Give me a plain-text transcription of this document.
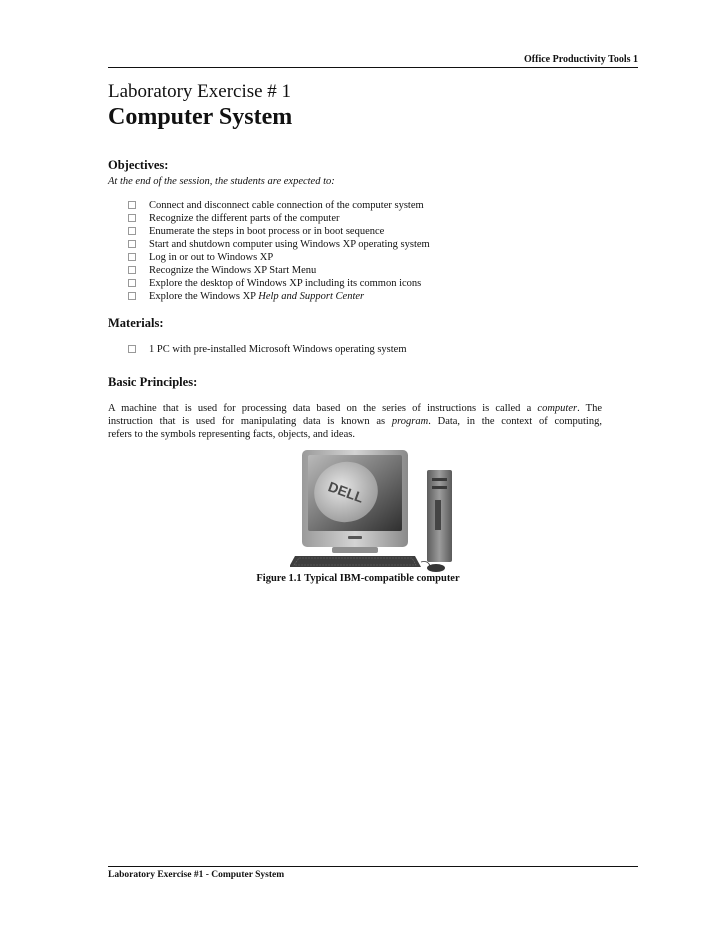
Office Productivity Tools 1
Laboratory Exercise # 1
Computer System
Objectives:
At the end of the session, the students are expected to:
Connect and disconnect cable connection of the computer system
Recognize the different parts of the computer
Enumerate the steps in boot process or in boot sequence
Start and shutdown computer using Windows XP operating system
Log in or out to Windows XP
Recognize the Windows XP Start Menu
Explore the desktop of Windows XP including its common icons
Explore the Windows XP Help and Support Center
Materials:
1 PC with pre-installed Microsoft Windows operating system
Basic Principles:
A machine that is used for processing data based on the series of instructions is called a computer. The
instruction that is used for manipulating data is known as program. Data, in the context of computing,
refers to the symbols representing facts, objects, and ideas.
DELL
Figure 1.1 Typical IBM-compatible computer
Laboratory Exercise #1 - Computer System
